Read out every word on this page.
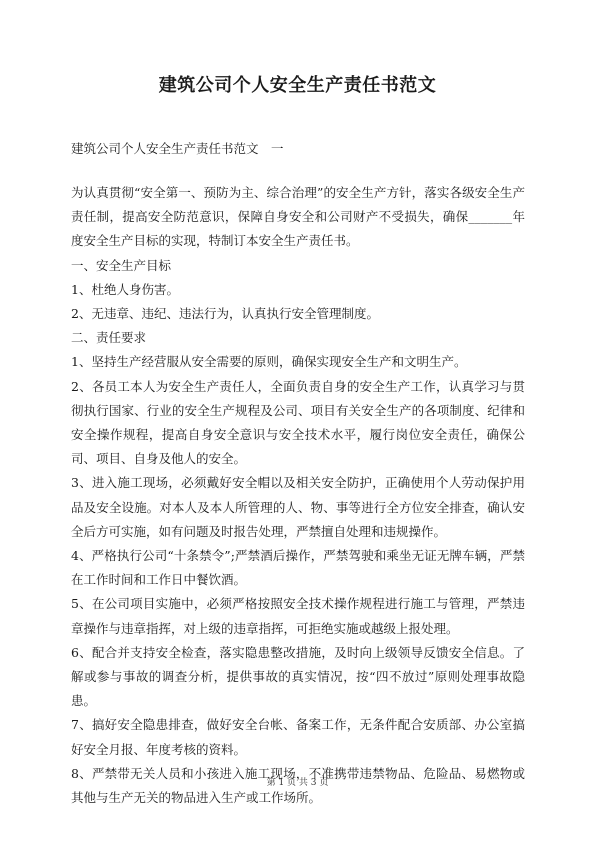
建筑公司个人安全生产责任书范文
建筑公司个人安全生产责任书范文　一

为认真贯彻“安全第一、预防为主、综合治理”的安全生产方针，落实各级安全生产责任制，提高安全防范意识，保障自身安全和公司财产不受损失，确保_______年度安全生产目标的实现，特制订本安全生产责任书。

一、安全生产目标

1、杜绝人身伤害。

2、无违章、违纪、违法行为，认真执行安全管理制度。

二、责任要求

1、坚持生产经营服从安全需要的原则，确保实现安全生产和文明生产。

2、各员工本人为安全生产责任人，全面负责自身的安全生产工作，认真学习与贯彻执行国家、行业的安全生产规程及公司、项目有关安全生产的各项制度、纪律和安全操作规程，提高自身安全意识与安全技术水平，履行岗位安全责任，确保公司、项目、自身及他人的安全。

3、进入施工现场，必须戴好安全帽以及相关安全防护，正确使用个人劳动保护用品及安全设施。对本人及本人所管理的人、物、事等进行全方位安全排查，确认安全后方可实施，如有问题及时报告处理，严禁擅自处理和违规操作。

4、严格执行公司“十条禁令”;严禁酒后操作，严禁驾驶和乘坐无证无牌车辆，严禁在工作时间和工作日中餐饮酒。

5、在公司项目实施中，必须严格按照安全技术操作规程进行施工与管理，严禁违章操作与违章指挥，对上级的违章指挥，可拒绝实施或越级上报处理。

6、配合并支持安全检查，落实隐患整改措施，及时向上级领导反馈安全信息。了解或参与事故的调查分析，提供事故的真实情况，按“四不放过”原则处理事故隐患。

7、搞好安全隐患排查，做好安全台帐、备案工作，无条件配合安质部、办公室搞好安全月报、年度考核的资料。

8、严禁带无关人员和小孩进入施工现场，不准携带违禁物品、危险品、易燃物或其他与生产无关的物品进入生产或工作场所。

第 1 页 共 3 页
